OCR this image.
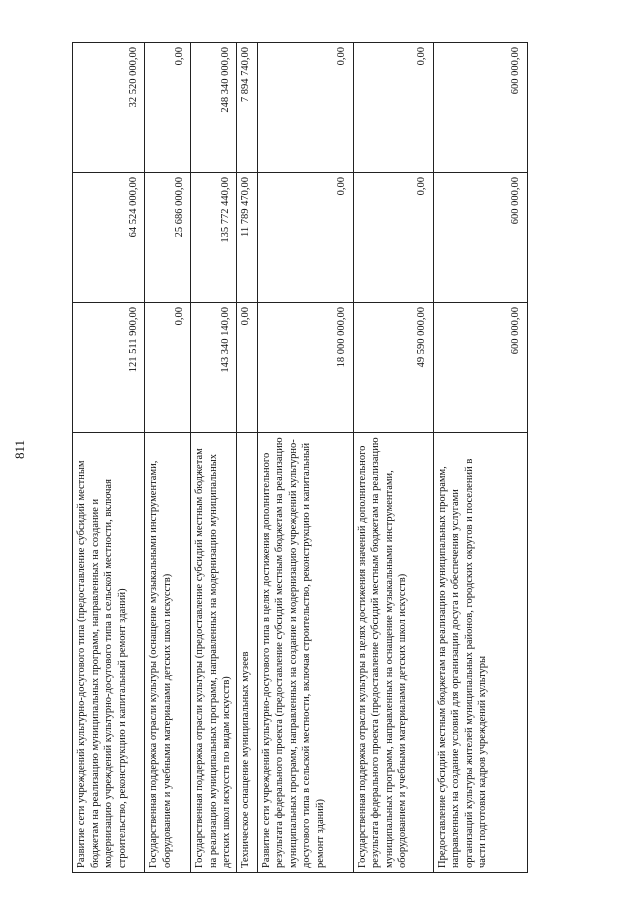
811
Развитие сети учреждений культурно-досугового типа (предоставление субсидий местным бюджетам на реализацию муниципальных программ, направленных на создание и модернизацию учреждений культурно-досугового типа в сельской местности, включая строительство, реконструкцию и капитальный ремонт зданий)	121 511 900,00	64 524 000,00	32 520 000,00
Государственная поддержка отрасли культуры (оснащение музыкальными инструментами, оборудованием и учебными материалами детских школ искусств)	0,00	25 686 000,00	0,00
Государственная поддержка отрасли культуры (предоставление субсидий местным бюджетам на реализацию муниципальных программ, направленных на модернизацию муниципальных детских школ искусств по видам искусств)	143 340 140,00	135 772 440,00	248 340 000,00
Техническое оснащение муниципальных музеев	0,00	11 789 470,00	7 894 740,00
Развитие сети учреждений культурно-досугового типа в целях достижения дополнительного результата федерального проекта (предоставление субсидий местным бюджетам на реализацию муниципальных программ, направленных на создание и модернизацию учреждений культурно-досугового типа в сельской местности, включая строительство, реконструкцию и капитальный ремонт зданий)	18 000 000,00	0,00	0,00
Государственная поддержка отрасли культуры в целях достижения значений дополнительного результата федерального проекта (предоставление субсидий местным бюджетам на реализацию муниципальных программ, направленных на оснащение музыкальными инструментами, оборудованием и учебными материалами детских школ искусств)	49 590 000,00	0,00	0,00
Предоставление субсидий местным бюджетам на реализацию муниципальных программ, направленных на создание условий для организации досуга и обеспечения услугами организаций культуры жителей муниципальных районов, городских округов и поселений в части подготовки кадров учреждений культуры	600 000,00	600 000,00	600 000,00
